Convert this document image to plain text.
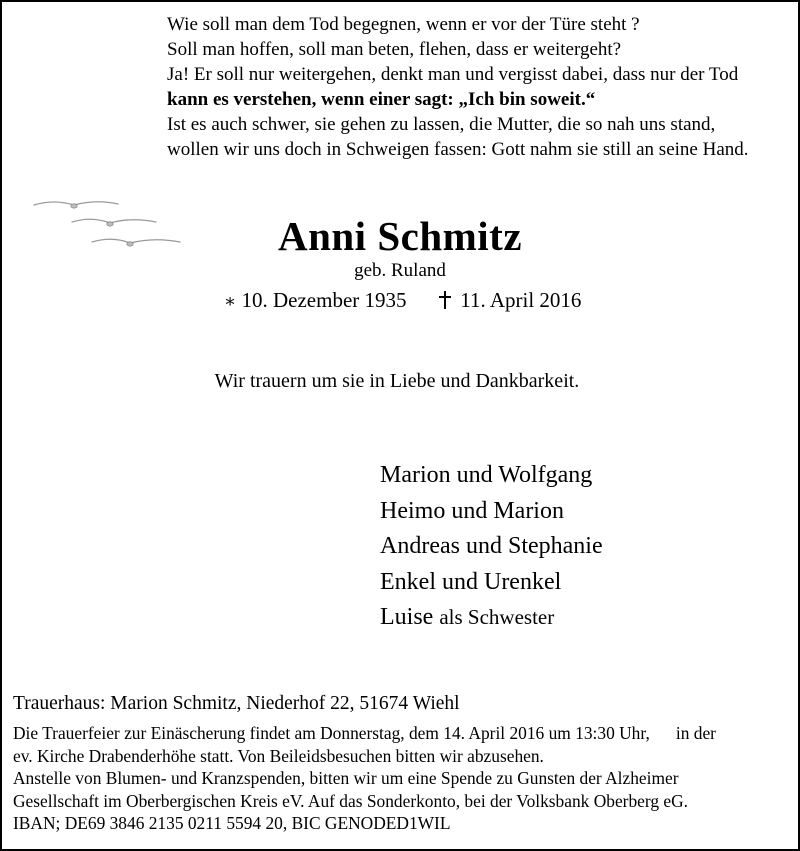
Wie soll man dem Tod begegnen, wenn er vor der Türe steht ?
Soll man hoffen, soll man beten, flehen, dass er weitergeht?
Ja! Er soll nur weitergehen, denkt man und vergisst dabei, dass nur der Tod
kann es verstehen, wenn einer sagt: „Ich bin soweit.“
Ist es auch schwer, sie gehen zu lassen, die Mutter, die so nah uns stand,
wollen wir uns doch in Schweigen fassen: Gott nahm sie still an seine Hand.
Anni Schmitz
geb. Ruland
∗ 10. Dezember 1935	11. April 2016
Wir trauern um sie in Liebe und Dankbarkeit.
Marion und Wolfgang
Heimo und Marion
Andreas und Stephanie
Enkel und Urenkel
Luise als Schwester
Trauerhaus: Marion Schmitz, Niederhof 22, 51674 Wiehl
Die Trauerfeier zur Einäscherung findet am Donnerstag, dem 14. April 2016 um 13:30 Uhr,      in der
ev. Kirche Drabenderhöhe statt. Von Beileidsbesuchen bitten wir abzusehen.
Anstelle von Blumen- und Kranzspenden, bitten wir um eine Spende zu Gunsten der Alzheimer
Gesellschaft im Oberbergischen Kreis eV. Auf das Sonderkonto, bei der Volksbank Oberberg eG.
IBAN; DE69 3846 2135 0211 5594 20, BIC GENODED1WIL
